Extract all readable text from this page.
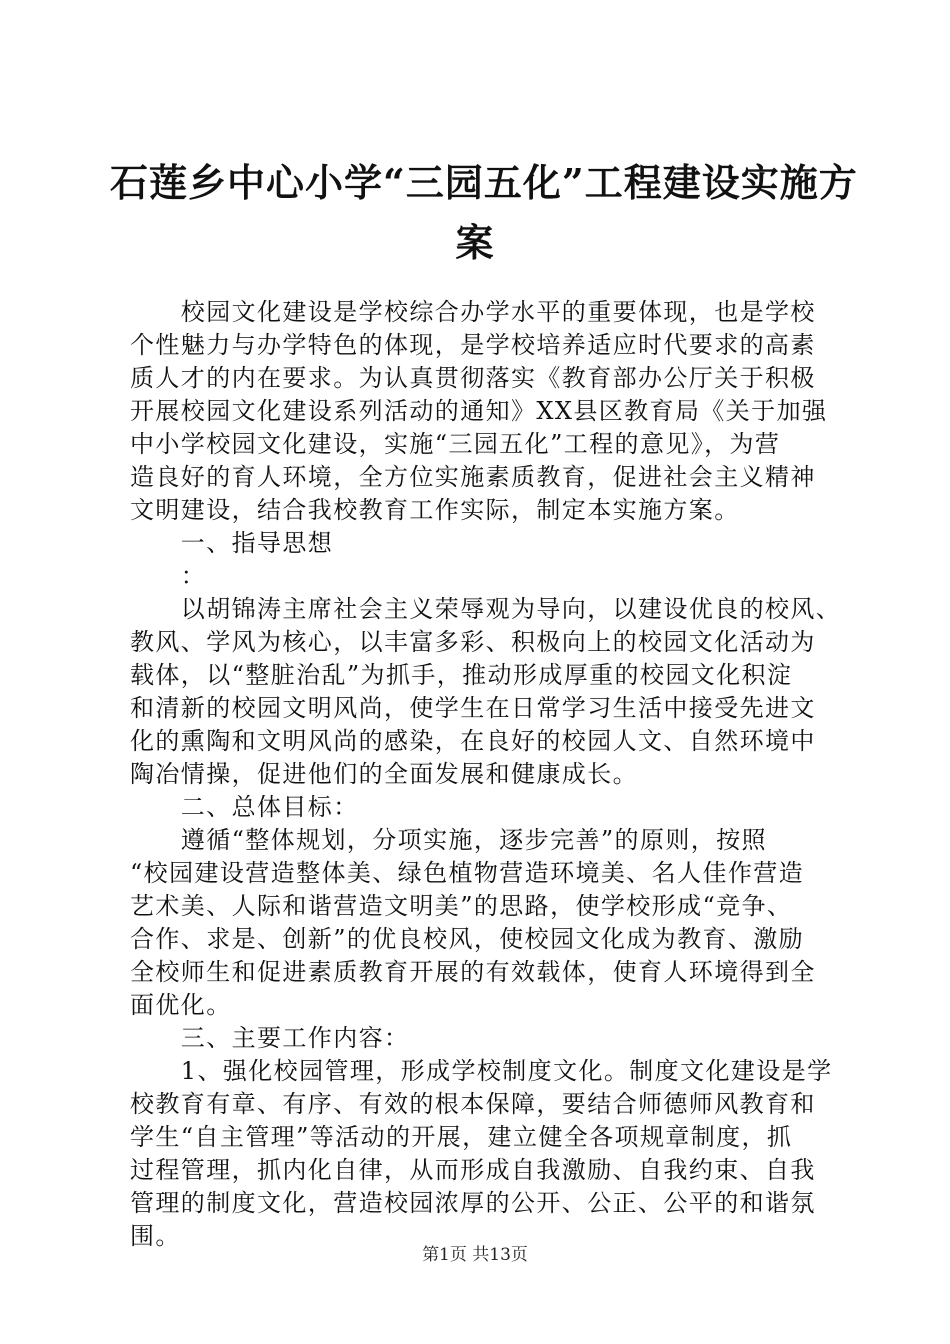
石莲乡中心小学“三园五化”工程建设实施方
案
　　校园文化建设是学校综合办学水平的重要体现，也是学校
个性魅力与办学特色的体现，是学校培养适应时代要求的高素
质人才的内在要求。为认真贯彻落实《教育部办公厅关于积极
开展校园文化建设系列活动的通知》XX县区教育局《关于加强
中小学校园文化建设，实施“三园五化”工程的意见》，为营
造良好的育人环境，全方位实施素质教育，促进社会主义精神
文明建设，结合我校教育工作实际，制定本实施方案。
　　一、指导思想
　　：
　　以胡锦涛主席社会主义荣辱观为导向，以建设优良的校风、
教风、学风为核心，以丰富多彩、积极向上的校园文化活动为
载体，以“整脏治乱”为抓手，推动形成厚重的校园文化积淀
和清新的校园文明风尚，使学生在日常学习生活中接受先进文
化的熏陶和文明风尚的感染，在良好的校园人文、自然环境中
陶冶情操，促进他们的全面发展和健康成长。
　　二、总体目标：
　　遵循“整体规划，分项实施，逐步完善”的原则，按照
“校园建设营造整体美、绿色植物营造环境美、名人佳作营造
艺术美、人际和谐营造文明美”的思路，使学校形成“竞争、
合作、求是、创新”的优良校风，使校园文化成为教育、激励
全校师生和促进素质教育开展的有效载体，使育人环境得到全
面优化。
　　三、主要工作内容：
　　1、强化校园管理，形成学校制度文化。制度文化建设是学
校教育有章、有序、有效的根本保障，要结合师德师风教育和
学生“自主管理”等活动的开展，建立健全各项规章制度，抓
过程管理，抓内化自律，从而形成自我激励、自我约束、自我
管理的制度文化，营造校园浓厚的公开、公正、公平的和谐氛
围。
第1页 共13页
